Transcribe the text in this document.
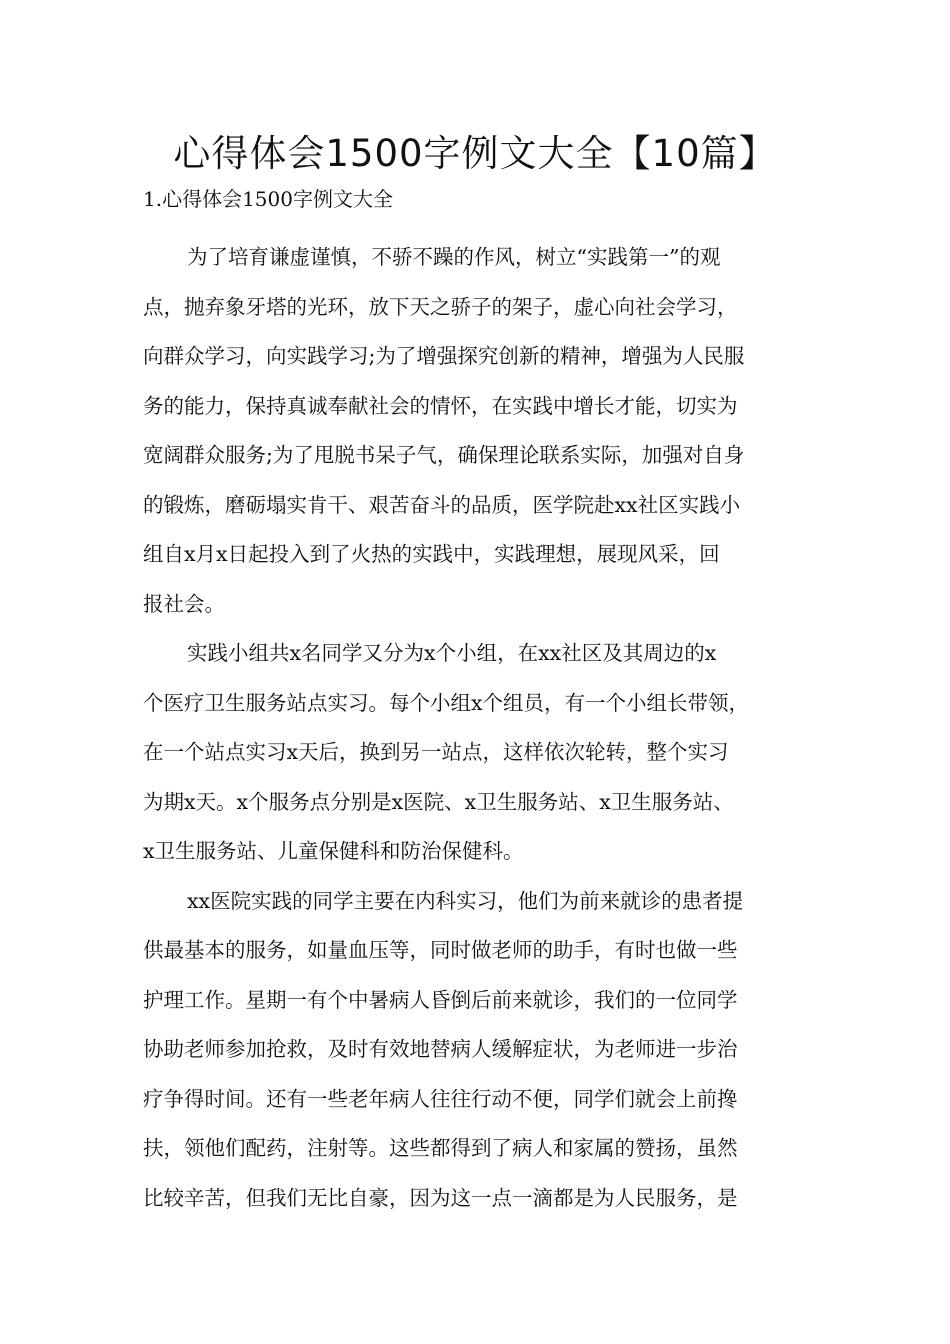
心得体会1500字例文大全【10篇】

1.心得体会1500字例文大全

为了培育谦虚谨慎，不骄不躁的作风，树立“实践第一”的观
点，抛弃象牙塔的光环，放下天之骄子的架子，虚心向社会学习，
向群众学习，向实践学习;为了增强探究创新的精神，增强为人民服
务的能力，保持真诚奉献社会的情怀，在实践中增长才能，切实为
宽阔群众服务;为了甩脱书呆子气，确保理论联系实际，加强对自身
的锻炼，磨砺塌实肯干、艰苦奋斗的品质，医学院赴xx社区实践小
组自x月x日起投入到了火热的实践中，实践理想，展现风采，回
报社会。

实践小组共x名同学又分为x个小组，在xx社区及其周边的x
个医疗卫生服务站点实习。每个小组x个组员，有一个小组长带领，
在一个站点实习x天后，换到另一站点，这样依次轮转，整个实习
为期x天。x个服务点分别是x医院、x卫生服务站、x卫生服务站、
x卫生服务站、儿童保健科和防治保健科。

xx医院实践的同学主要在内科实习，他们为前来就诊的患者提
供最基本的服务，如量血压等，同时做老师的助手，有时也做一些
护理工作。星期一有个中暑病人昏倒后前来就诊，我们的一位同学
协助老师参加抢救，及时有效地替病人缓解症状，为老师进一步治
疗争得时间。还有一些老年病人往往行动不便，同学们就会上前搀
扶，领他们配药，注射等。这些都得到了病人和家属的赞扬，虽然
比较辛苦，但我们无比自豪，因为这一点一滴都是为人民服务，是
